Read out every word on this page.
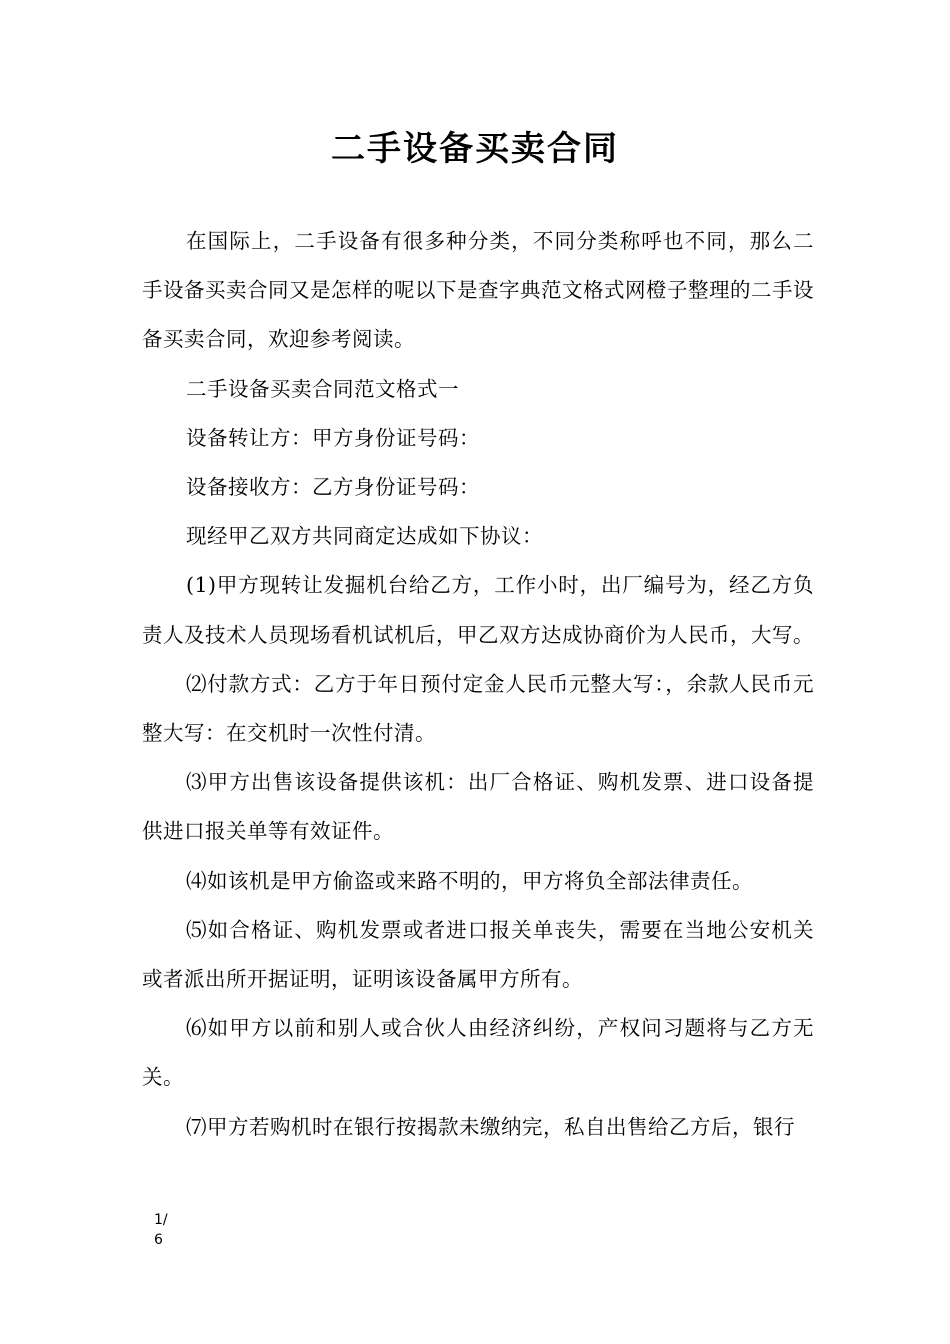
二手设备买卖合同

在国际上，二手设备有很多种分类，不同分类称呼也不同，那么二手设备买卖合同又是怎样的呢以下是查字典范文格式网橙子整理的二手设备买卖合同，欢迎参考阅读。

二手设备买卖合同范文格式一

设备转让方：甲方身份证号码：

设备接收方：乙方身份证号码：

现经甲乙双方共同商定达成如下协议：

(1)甲方现转让发掘机台给乙方，工作小时，出厂编号为，经乙方负责人及技术人员现场看机试机后，甲乙双方达成协商价为人民币，大写。

⑵付款方式：乙方于年日预付定金人民币元整大写：，余款人民币元整大写：在交机时一次性付清。

⑶甲方出售该设备提供该机：出厂合格证、购机发票、进口设备提供进口报关单等有效证件。

⑷如该机是甲方偷盗或来路不明的，甲方将负全部法律责任。

⑸如合格证、购机发票或者进口报关单丧失，需要在当地公安机关或者派出所开据证明，证明该设备属甲方所有。

⑹如甲方以前和别人或合伙人由经济纠纷，产权问习题将与乙方无关。

⑺甲方若购机时在银行按揭款未缴纳完，私自出售给乙方后，银行

1/
6
